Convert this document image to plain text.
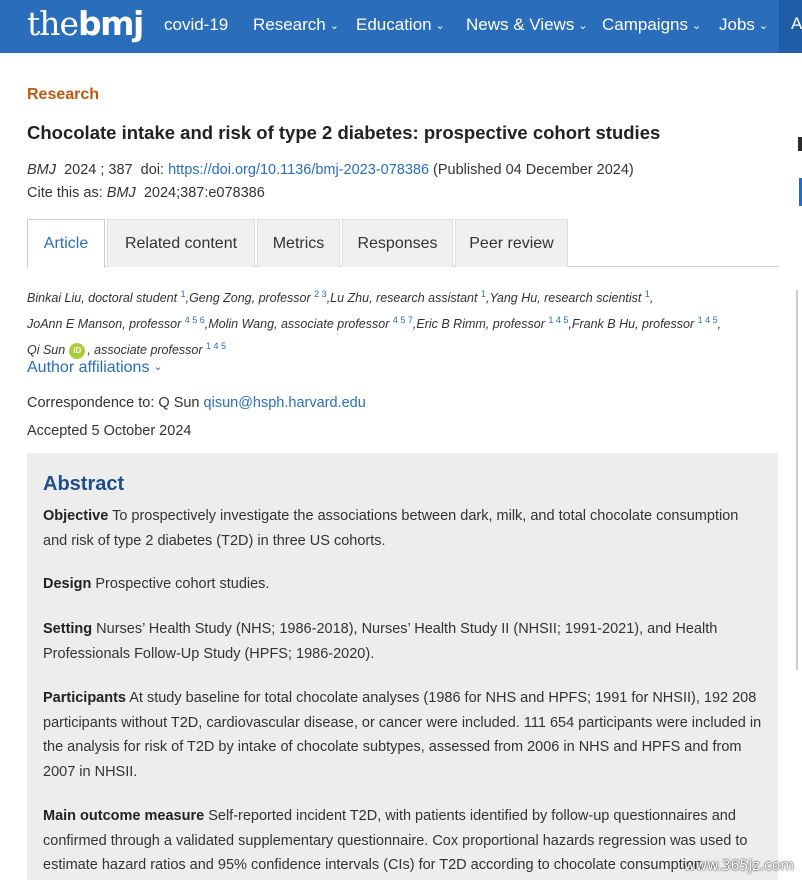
thebmj covid-19 Research ⌄ Education ⌄ News & Views ⌄ Campaigns ⌄ Jobs ⌄ A
Research
Chocolate intake and risk of type 2 diabetes: prospective cohort studies
BMJ 2024 ; 387 doi: https://doi.org/10.1136/bmj-2023-078386 (Published 04 December 2024)
Cite this as: BMJ 2024;387:e078386
Article	Related content	Metrics	Responses	Peer review
Binkai Liu, doctoral student $^1$,Geng Zong, professor $^{2 3}$,Lu Zhu, research assistant $^1$,Yang Hu, research scientist $^1$,
JoAnn E Manson, professor $^{4 5 6}$,Molin Wang, associate professor $^{4 5 7}$,Eric B Rimm, professor $^{1 4 5}$,Frank B Hu, professor $^{1 4 5}$,
Qi Sun iD , associate professor $^{1 4 5}$
Author affiliations ⌄
Correspondence to: Q Sun qisun@hsph.harvard.edu
Accepted 5 October 2024
Abstract

Objective To prospectively investigate the associations between dark, milk, and total chocolate consumption and risk of type 2 diabetes (T2D) in three US cohorts.

Design Prospective cohort studies.

Setting Nurses’ Health Study (NHS; 1986-2018), Nurses’ Health Study II (NHSII; 1991-2021), and Health Professionals Follow-Up Study (HPFS; 1986-2020).

Participants At study baseline for total chocolate analyses (1986 for NHS and HPFS; 1991 for NHSII), 192 208 participants without T2D, cardiovascular disease, or cancer were included. 111 654 participants were included in the analysis for risk of T2D by intake of chocolate subtypes, assessed from 2006 in NHS and HPFS and from 2007 in NHSII.

Main outcome measure Self-reported incident T2D, with patients identified by follow-up questionnaires and confirmed through a validated supplementary questionnaire. Cox proportional hazards regression was used to estimate hazard ratios and 95% confidence intervals (CIs) for T2D according to chocolate consumption

www.365jz.com
